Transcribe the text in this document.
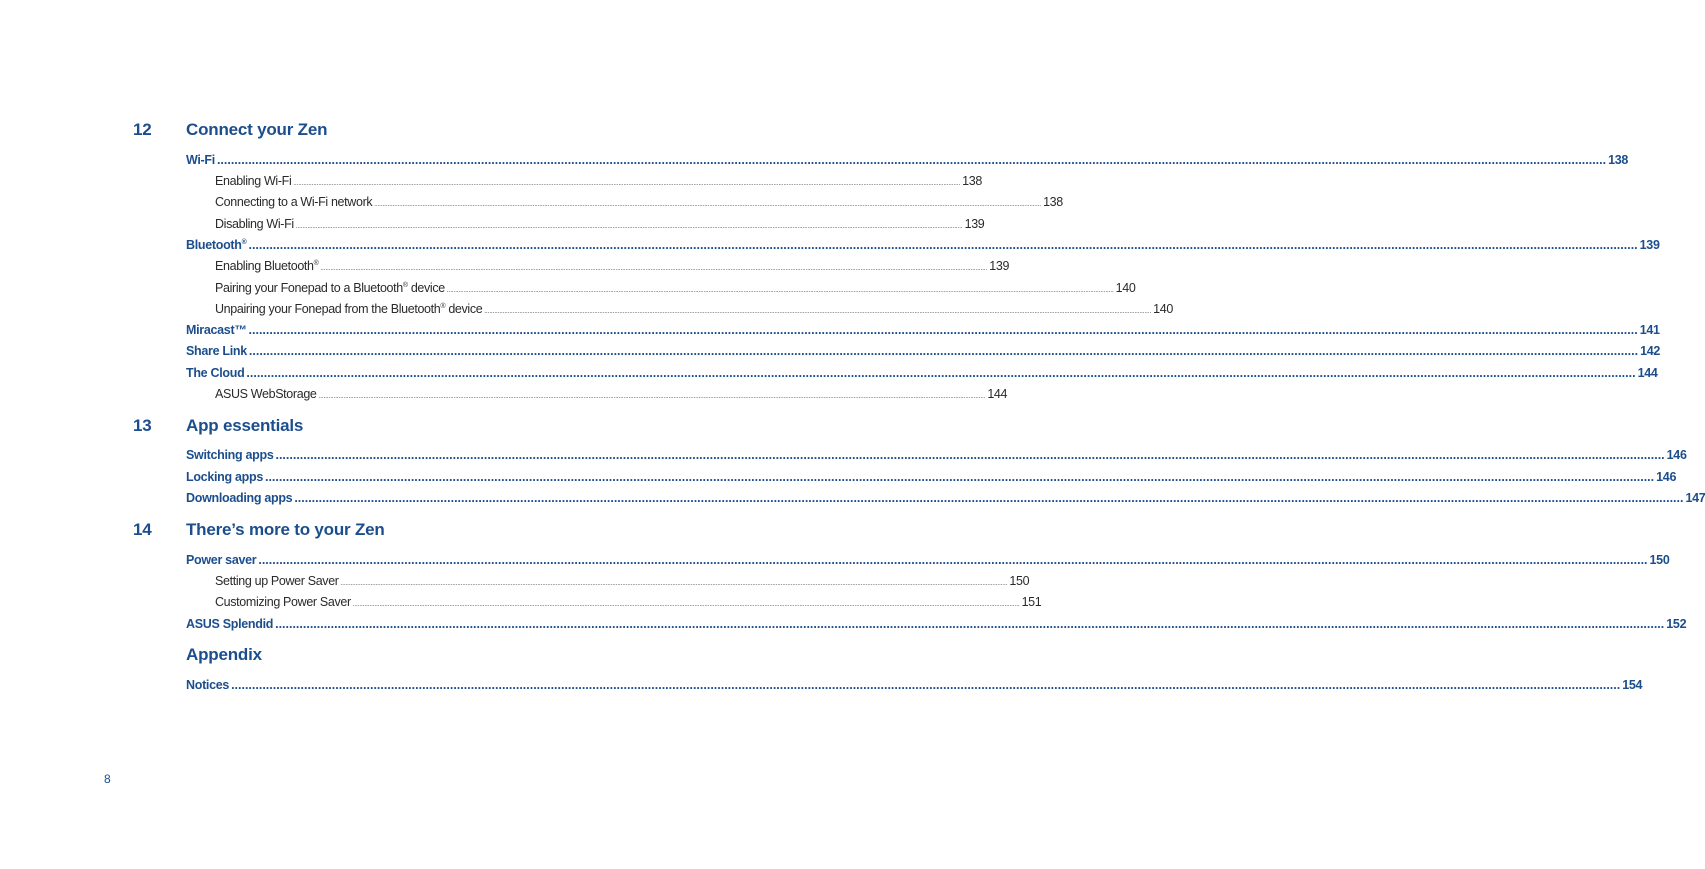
12 Connect your Zen
Wi-Fi ................................................................................................................................................................................................................................................................................................................................................................................................................ 138
Enabling Wi-Fi ................................................................................................................................................................................................................................................................................................................................................................................................................ 138
Connecting to a Wi-Fi network ................................................................................................................................................................................................................................................................................................................................................................................................................ 138
Disabling Wi-Fi ................................................................................................................................................................................................................................................................................................................................................................................................................ 139
Bluetooth® ................................................................................................................................................................................................................................................................................................................................................................................................................ 139
Enabling Bluetooth®
................................................................................................................................................................................................................................................................................................................................................................................................................ 139
Pairing your Fonepad to a Bluetooth® device ................................................................................................................................................................................................................................................................................................................................................................................................................ 140
Unpairing your Fonepad from the Bluetooth® device ................................................................................................................................................................................................................................................................................................................................................................................................................ 140
Miracast™ ................................................................................................................................................................................................................................................................................................................................................................................................................ 141
Share Link ................................................................................................................................................................................................................................................................................................................................................................................................................ 142
The Cloud ................................................................................................................................................................................................................................................................................................................................................................................................................ 144
ASUS WebStorage ................................................................................................................................................................................................................................................................................................................................................................................................................ 144
13 App essentials
Switching apps ................................................................................................................................................................................................................................................................................................................................................................................................................ 146
Locking apps ................................................................................................................................................................................................................................................................................................................................................................................................................ 146
Downloading apps ................................................................................................................................................................................................................................................................................................................................................................................................................ 147
14 There’s more to your Zen
Power saver ................................................................................................................................................................................................................................................................................................................................................................................................................ 150
Setting up Power Saver ................................................................................................................................................................................................................................................................................................................................................................................................................ 150
Customizing Power Saver ................................................................................................................................................................................................................................................................................................................................................................................................................ 151
ASUS Splendid ................................................................................................................................................................................................................................................................................................................................................................................................................ 152
Appendix
Notices ................................................................................................................................................................................................................................................................................................................................................................................................................ 154
8
